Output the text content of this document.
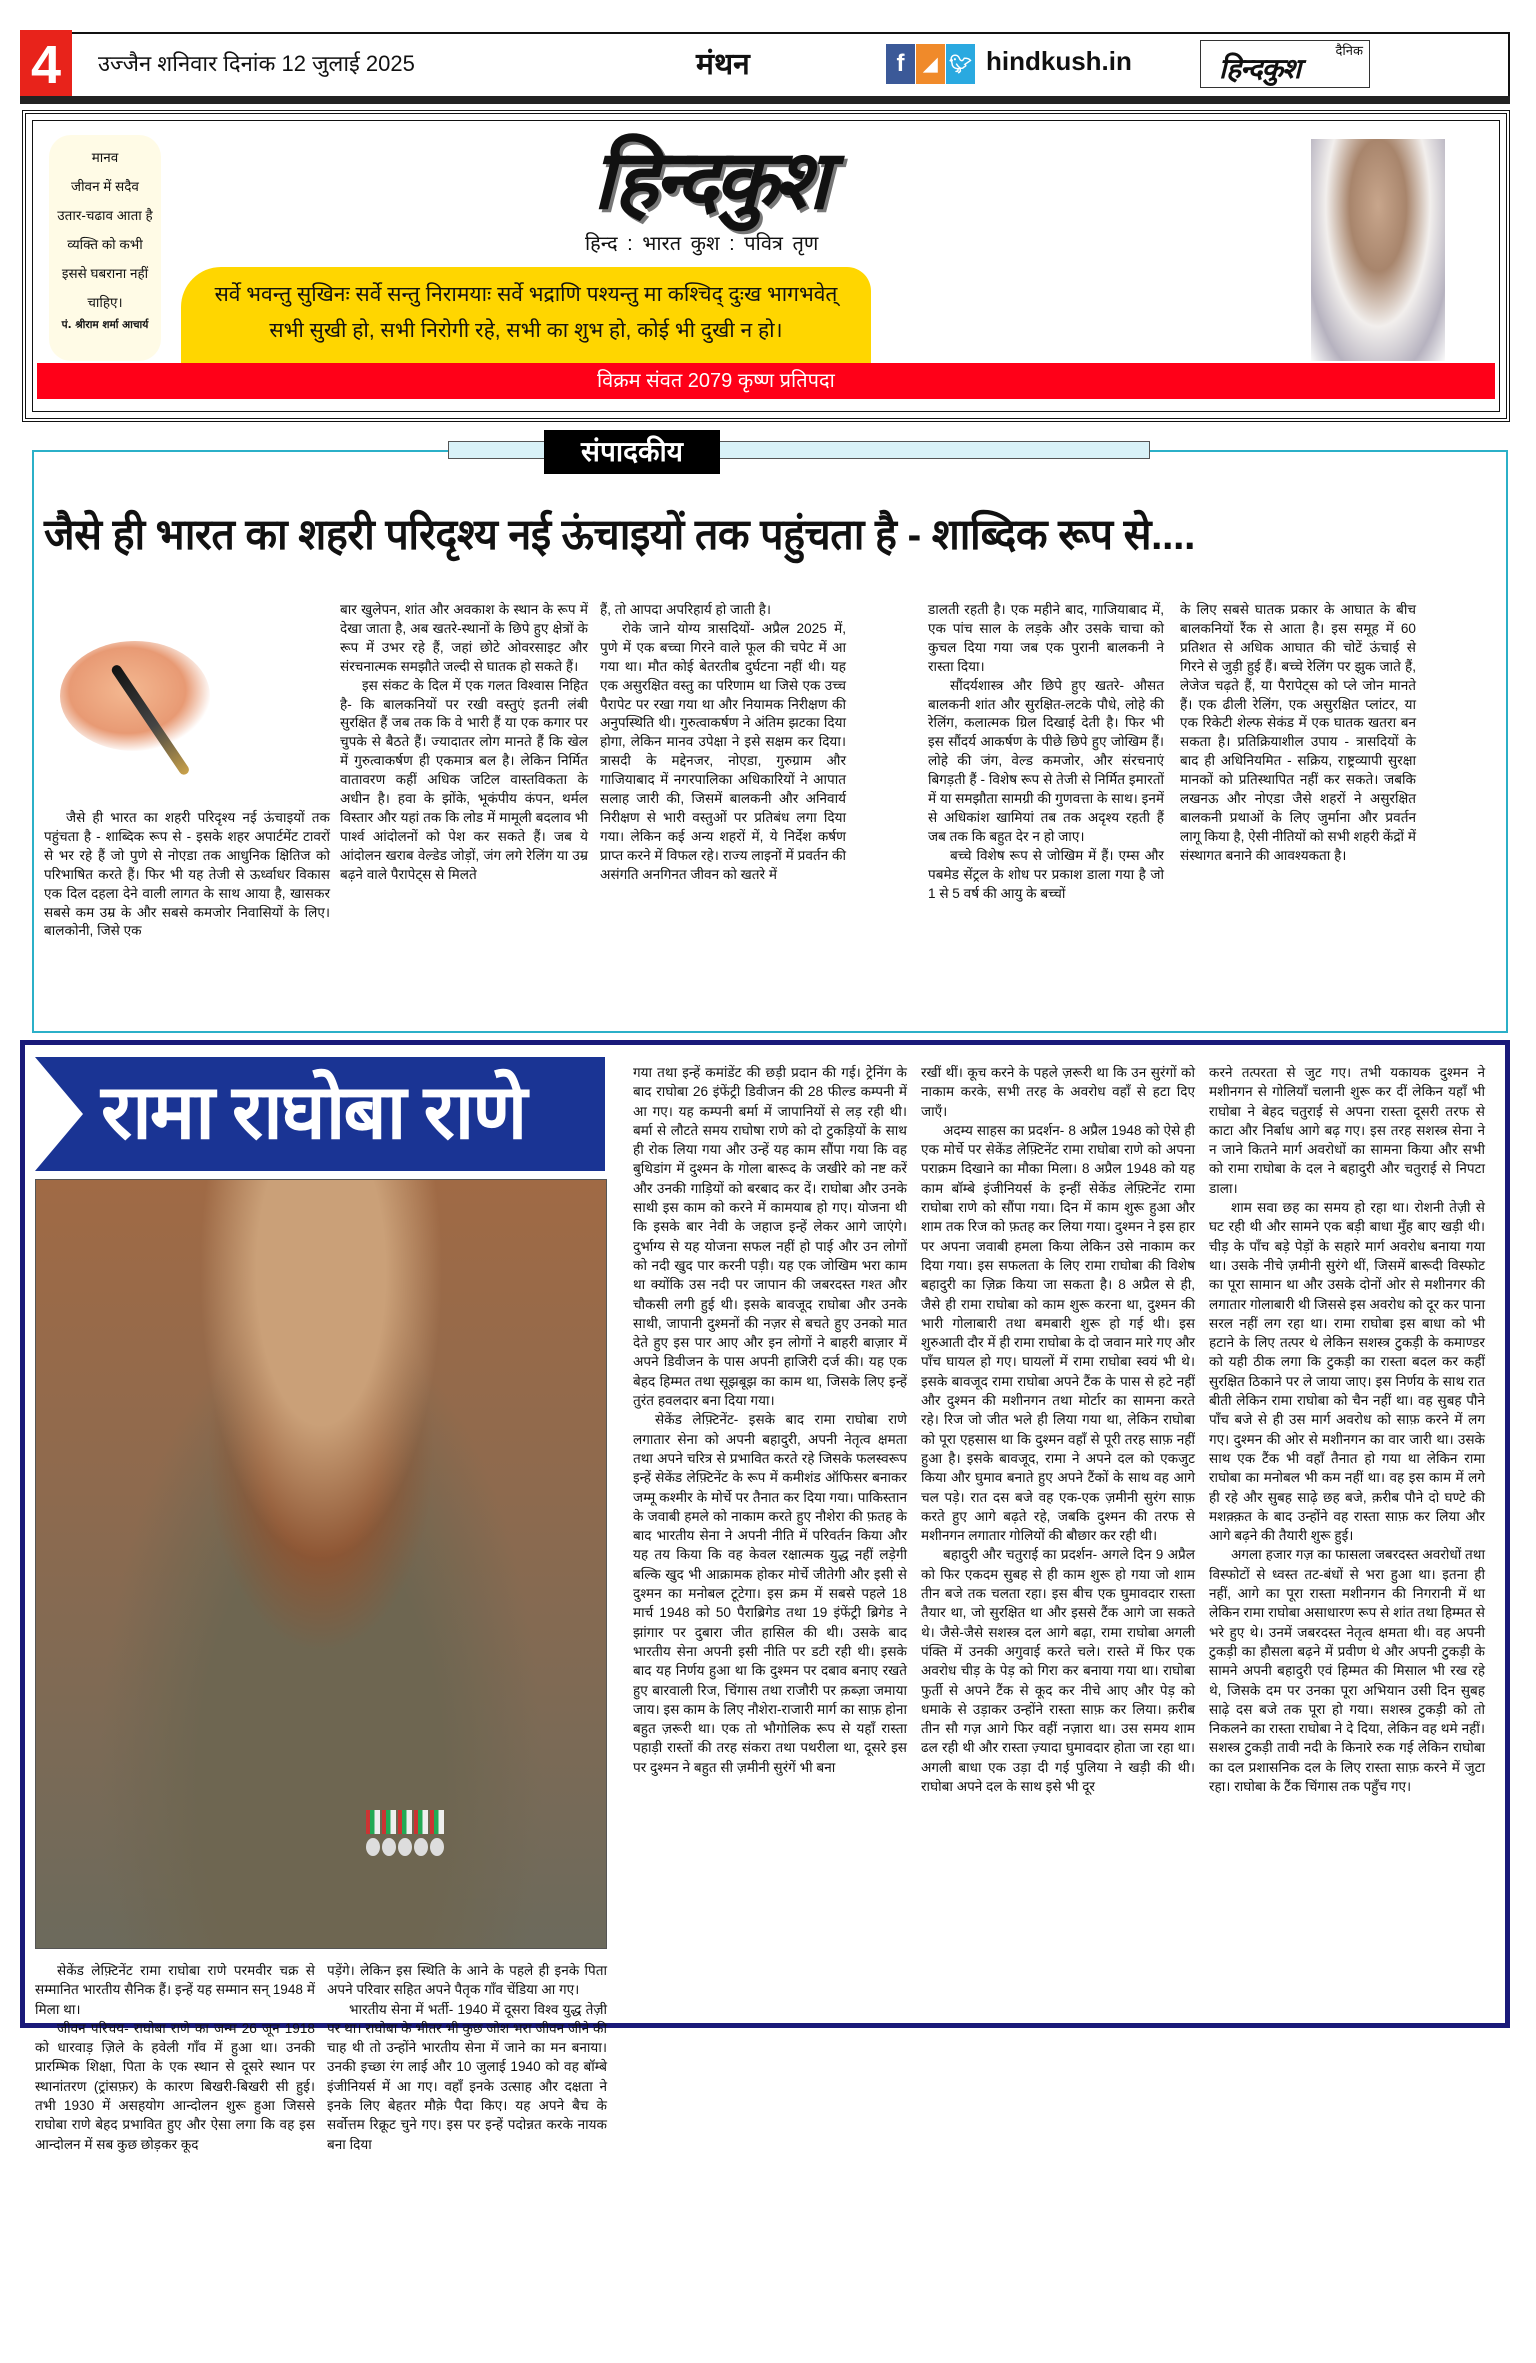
4	उज्जैन शनिवार दिनांक 12 जुलाई 2025	मंथन	f	◢ 🐦︎ hindkush.in	दैनिक
हिन्दकुश
मानव
जीवन में सदैव
उतार-चढाव आता है
व्यक्ति को कभी
इससे घबराना नहीं
चाहिए।
पं. श्रीराम शर्मा आचार्य
हिन्दकुश
हिन्द : भारत कुश : पवित्र तृण
सर्वे भवन्तु सुखिनः सर्वे सन्तु निरामयाः सर्वे भद्राणि पश्यन्तु मा कश्चिद् दुःख भागभवेत्
सभी सुखी हो, सभी निरोगी रहे, सभी का शुभ हो, कोई भी दुखी न हो।
विक्रम संवत 2079 कृष्ण प्रतिपदा
संपादकीय
जैसे ही भारत का शहरी परिदृश्य नई ऊंचाइयों तक पहुंचता है - शाब्दिक रूप से....

जैसे ही भारत का शहरी परिदृश्य नई ऊंचाइयों तक पहुंचता है - शाब्दिक रूप से - इसके शहर अपार्टमेंट टावरों से भर रहे हैं जो पुणे से नोएडा तक आधुनिक क्षितिज को परिभाषित करते हैं। फिर भी यह तेजी से ऊर्ध्वाधर विकास एक दिल दहला देने वाली लागत के साथ आया है, खासकर सबसे कम उम्र के और सबसे कमजोर निवासियों के लिए। बालकोनी, जिसे एक

बार खुलेपन, शांत और अवकाश के स्थान के रूप में देखा जाता है, अब खतरे-स्थानों के छिपे हुए क्षेत्रों के रूप में उभर रहे हैं, जहां छोटे ओवरसाइट और संरचनात्मक समझौते जल्दी से घातक हो सकते हैं।

इस संकट के दिल में एक गलत विश्वास निहित है- कि बालकनियों पर रखी वस्तुएं इतनी लंबी सुरक्षित हैं जब तक कि वे भारी हैं या एक कगार पर चुपके से बैठते हैं। ज्यादातर लोग मानते हैं कि खेल में गुरुत्वाकर्षण ही एकमात्र बल है। लेकिन निर्मित वातावरण कहीं अधिक जटिल वास्तविकता के अधीन है। हवा के झोंके, भूकंपीय कंपन, थर्मल विस्तार और यहां तक कि लोड में मामूली बदलाव भी पार्श्व आंदोलनों को पेश कर सकते हैं। जब ये आंदोलन खराब वेल्डेड जोड़ों, जंग लगे रेलिंग या उम्र बढ़ने वाले पैरापेट्स से मिलते

हैं, तो आपदा अपरिहार्य हो जाती है।

रोके जाने योग्य त्रासदियों- अप्रैल 2025 में, पुणे में एक बच्चा गिरने वाले फूल की चपेट में आ गया था। मौत कोई बेतरतीब दुर्घटना नहीं थी। यह एक असुरक्षित वस्तु का परिणाम था जिसे एक उच्च पैरापेट पर रखा गया था और नियामक निरीक्षण की अनुपस्थिति थी। गुरुत्वाकर्षण ने अंतिम झटका दिया होगा, लेकिन मानव उपेक्षा ने इसे सक्षम कर दिया। त्रासदी के मद्देनजर, नोएडा, गुरुग्राम और गाजियाबाद में नगरपालिका अधिकारियों ने आपात सलाह जारी की, जिसमें बालकनी और अनिवार्य निरीक्षण से भारी वस्तुओं पर प्रतिबंध लगा दिया गया। लेकिन कई अन्य शहरों में, ये निर्देश कर्षण प्राप्त करने में विफल रहे। राज्य लाइनों में प्रवर्तन की असंगति अनगिनत जीवन को खतरे में

डालती रहती है। एक महीने बाद, गाजियाबाद में, एक पांच साल के लड़के और उसके चाचा को कुचल दिया गया जब एक पुरानी बालकनी ने रास्ता दिया।

सौंदर्यशास्त्र और छिपे हुए खतरे- औसत बालकनी शांत और सुरक्षित-लटके पौधे, लोहे की रेलिंग, कलात्मक ग्रिल दिखाई देती है। फिर भी इस सौंदर्य आकर्षण के पीछे छिपे हुए जोखिम हैं। लोहे की जंग, वेल्ड कमजोर, और संरचनाएं बिगड़ती हैं - विशेष रूप से तेजी से निर्मित इमारतों में या समझौता सामग्री की गुणवत्ता के साथ। इनमें से अधिकांश खामियां तब तक अदृश्य रहती हैं जब तक कि बहुत देर न हो जाए।

बच्चे विशेष रूप से जोखिम में हैं। एम्स और पबमेड सेंट्रल के शोध पर प्रकाश डाला गया है जो 1 से 5 वर्ष की आयु के बच्चों

के लिए सबसे घातक प्रकार के आघात के बीच बालकनियों रैंक से आता है। इस समूह में 60 प्रतिशत से अधिक आघात की चोटें ऊंचाई से गिरने से जुड़ी हुई हैं। बच्चे रेलिंग पर झुक जाते हैं, लेजेज चढ़ते हैं, या पैरापेट्स को प्ले जोन मानते हैं। एक ढीली रेलिंग, एक असुरक्षित प्लांटर, या एक रिकेटी शेल्फ सेकंड में एक घातक खतरा बन सकता है। प्रतिक्रियाशील उपाय - त्रासदियों के बाद ही अधिनियमित - सक्रिय, राष्ट्रव्यापी सुरक्षा मानकों को प्रतिस्थापित नहीं कर सकते। जबकि लखनऊ और नोएडा जैसे शहरों ने असुरक्षित बालकनी प्रथाओं के लिए जुर्माना और प्रवर्तन लागू किया है, ऐसी नीतियों को सभी शहरी केंद्रों में संस्थागत बनाने की आवश्यकता है।

रामा राघोबा राणे

सेकेंड लेफ़्टिनेंट रामा राघोबा राणे परमवीर चक्र से सम्मानित भारतीय सैनिक हैं। इन्हें यह सम्मान सन् 1948 में मिला था।

जीवन परिचय- राघोबा राणे का जन्म 26 जून 1918 को धारवाड़ ज़िले के हवेली गाँव में हुआ था। उनकी प्रारम्भिक शिक्षा, पिता के एक स्थान से दूसरे स्थान पर स्थानांतरण (ट्रांसफ़र) के कारण बिखरी-बिखरी सी हुई। तभी 1930 में असहयोग आन्दोलन शुरू हुआ जिससे राघोबा राणे बेहद प्रभावित हुए और ऐसा लगा कि वह इस आन्दोलन में सब कुछ छोड़कर कूद

पड़ेंगे। लेकिन इस स्थिति के आने के पहले ही इनके पिता अपने परिवार सहित अपने पैतृक गाँव चेंडिया आ गए।

भारतीय सेना में भर्ती- 1940 में दूसरा विश्व युद्ध तेज़ी पर था। राघोबा के भीतर भी कुछ जोश भरा जीवन जीने की चाह थी तो उन्होंने भारतीय सेना में जाने का मन बनाया। उनकी इच्छा रंग लाई और 10 जुलाई 1940 को वह बॉम्बे इंजीनियर्स में आ गए। वहाँ इनके उत्साह और दक्षता ने इनके लिए बेहतर मौक़े पैदा किए। यह अपने बैच के सर्वोत्तम रिक्रूट चुने गए। इस पर इन्हें पदोन्नत करके नायक बना दिया

गया तथा इन्हें कमांडेंट की छड़ी प्रदान की गई। ट्रेनिंग के बाद राघोबा 26 इंफेंट्री डिवीजन की 28 फील्ड कम्पनी में आ गए। यह कम्पनी बर्मा में जापानियों से लड़ रही थी। बर्मा से लौटते समय राघोषा राणे को दो टुकड़ियों के साथ ही रोक लिया गया और उन्हें यह काम सौंपा गया कि वह बुथिडांग में दुश्मन के गोला बारूद के जखीरे को नष्ट करें और उनकी गाड़ियों को बरबाद कर दें। राघोबा और उनके साथी इस काम को करने में कामयाब हो गए। योजना थी कि इसके बार नेवी के जहाज इन्हें लेकर आगे जाएंगे। दुर्भाग्य से यह योजना सफल नहीं हो पाई और उन लोगों को नदी खुद पार करनी पड़ी। यह एक जोखिम भरा काम था क्योंकि उस नदी पर जापान की जबरदस्त गश्त और चौकसी लगी हुई थी। इसके बावजूद राघोबा और उनके साथी, जापानी दुश्मनों की नज़र से बचते हुए उनको मात देते हुए इस पार आए और इन लोगों ने बाहरी बाज़ार में अपने डिवीजन के पास अपनी हाजिरी दर्ज की। यह एक बेहद हिम्मत तथा सूझबूझ का काम था, जिसके लिए इन्हें तुरंत हवलदार बना दिया गया।

सेकेंड लेफ़्टिनेंट- इसके बाद रामा राघोबा राणे लगातार सेना को अपनी बहादुरी, अपनी नेतृत्व क्षमता तथा अपने चरित्र से प्रभावित करते रहे जिसके फलस्वरूप इन्हें सेकेंड लेफ़्टिनेंट के रूप में कमीशंड ऑफिसर बनाकर जम्मू कश्मीर के मोर्चे पर तैनात कर दिया गया। पाकिस्तान के जवाबी हमले को नाकाम करते हुए नौशेरा की फ़तह के बाद भारतीय सेना ने अपनी नीति में परिवर्तन किया और यह तय किया कि वह केवल रक्षात्मक युद्ध नहीं लड़ेगी बल्कि खुद भी आक्रामक होकर मोर्चे जीतेगी और इसी से दुश्मन का मनोबल टूटेगा। इस क्रम में सबसे पहले 18 मार्च 1948 को 50 पैराब्रिगेड तथा 19 इंफेंट्री ब्रिगेड ने झांगार पर दुबारा जीत हासिल की थी। उसके बाद भारतीय सेना अपनी इसी नीति पर डटी रही थी। इसके बाद यह निर्णय हुआ था कि दुश्मन पर दबाव बनाए रखते हुए बारवाली रिज, चिंगास तथा राजौरी पर क़ब्ज़ा जमाया जाय। इस काम के लिए नौशेरा-राजारी मार्ग का साफ़ होना बहुत ज़रूरी था। एक तो भौगोलिक रूप से यहाँ रास्ता पहाड़ी रास्तों की तरह संकरा तथा पथरीला था, दूसरे इस पर दुश्मन ने बहुत सी ज़मीनी सुरंगें भी बना

रखीं थीं। कूच करने के पहले ज़रूरी था कि उन सुरंगों को नाकाम करके, सभी तरह के अवरोध वहाँ से हटा दिए जाएँ।

अदम्य साहस का प्रदर्शन- 8 अप्रैल 1948 को ऐसे ही एक मोर्चे पर सेकेंड लेफ़्टिनेंट रामा राघोबा राणे को अपना पराक्रम दिखाने का मौका मिला। 8 अप्रैल 1948 को यह काम बॉम्बे इंजीनियर्स के इन्हीं सेकेंड लेफ़्टिनेंट रामा राघोबा राणे को सौंपा गया। दिन में काम शुरू हुआ और शाम तक रिज को फ़तह कर लिया गया। दुश्मन ने इस हार पर अपना जवाबी हमला किया लेकिन उसे नाकाम कर दिया गया। इस सफलता के लिए रामा राघोबा की विशेष बहादुरी का ज़िक्र किया जा सकता है। 8 अप्रैल से ही, जैसे ही रामा राघोबा को काम शुरू करना था, दुश्मन की भारी गोलाबारी तथा बमबारी शुरू हो गई थी। इस शुरुआती दौर में ही रामा राघोबा के दो जवान मारे गए और पाँच घायल हो गए। घायलों में रामा राघोबा स्वयं भी थे। इसके बावजूद रामा राघोबा अपने टैंक के पास से हटे नहीं और दुश्मन की मशीनगन तथा मोर्टार का सामना करते रहे। रिज जो जीत भले ही लिया गया था, लेकिन राघोबा को पूरा एहसास था कि दुश्मन वहाँ से पूरी तरह साफ़ नहीं हुआ है। इसके बावजूद, रामा ने अपने दल को एकजुट किया और घुमाव बनाते हुए अपने टैंकों के साथ वह आगे चल पड़े। रात दस बजे वह एक-एक ज़मीनी सुरंग साफ़ करते हुए आगे बढ़ते रहे, जबकि दुश्मन की तरफ से मशीनगन लगातार गोलियों की बौछार कर रही थी।

बहादुरी और चतुराई का प्रदर्शन- अगले दिन 9 अप्रैल को फिर एकदम सुबह से ही काम शुरू हो गया जो शाम तीन बजे तक चलता रहा। इस बीच एक घुमावदार रास्ता तैयार था, जो सुरक्षित था और इससे टैंक आगे जा सकते थे। जैसे-जैसे सशस्त्र दल आगे बढ़ा, रामा राघोबा अगली पंक्ति में उनकी अगुवाई करते चले। रास्ते में फिर एक अवरोध चीड़ के पेड़ को गिरा कर बनाया गया था। राघोबा फुर्ती से अपने टैंक से कूद कर नीचे आए और पेड़ को धमाके से उड़ाकर उन्होंने रास्ता साफ़ कर लिया। क़रीब तीन सौ गज़ आगे फिर वहीं नज़ारा था। उस समय शाम ढल रही थी और रास्ता ज़्यादा घुमावदार होता जा रहा था। अगली बाधा एक उड़ा दी गई पुलिया ने खड़ी की थी। राघोबा अपने दल के साथ इसे भी दूर

करने तत्परता से जुट गए। तभी यकायक दुश्मन ने मशीनगन से गोलियाँ चलानी शुरू कर दीं लेकिन यहाँ भी राघोबा ने बेहद चतुराई से अपना रास्ता दूसरी तरफ से काटा और निर्बाध आगे बढ़ गए। इस तरह सशस्त्र सेना ने न जाने कितने मार्ग अवरोधों का सामना किया और सभी को रामा राघोबा के दल ने बहादुरी और चतुराई से निपटा डाला।

शाम सवा छह का समय हो रहा था। रोशनी तेज़ी से घट रही थी और सामने एक बड़ी बाधा मुँह बाए खड़ी थी। चीड़ के पाँच बड़े पेड़ों के सहारे मार्ग अवरोध बनाया गया था। उसके नीचे ज़मीनी सुरंगे थीं, जिसमें बारूदी विस्फोट का पूरा सामान था और उसके दोनों ओर से मशीनगर की लगातार गोलाबारी थी जिससे इस अवरोध को दूर कर पाना सरल नहीं लग रहा था। रामा राघोबा इस बाधा को भी हटाने के लिए तत्पर थे लेकिन सशस्त्र टुकड़ी के कमाण्डर को यही ठीक लगा कि टुकड़ी का रास्ता बदल कर कहीं सुरक्षित ठिकाने पर ले जाया जाए। इस निर्णय के साथ रात बीती लेकिन रामा राघोबा को चैन नहीं था। वह सुबह पौने पाँच बजे से ही उस मार्ग अवरोध को साफ़ करने में लग गए। दुश्मन की ओर से मशीनगन का वार जारी था। उसके साथ एक टैंक भी वहाँ तैनात हो गया था लेकिन रामा राघोबा का मनोबल भी कम नहीं था। वह इस काम में लगे ही रहे और सुबह साढ़े छह बजे, क़रीब पौने दो घण्टे की मशक़्क़त के बाद उन्होंने वह रास्ता साफ़ कर लिया और आगे बढ़ने की तैयारी शुरू हुई।

अगला हजार गज़ का फासला जबरदस्त अवरोधों तथा विस्फोटों से ध्वस्त तट-बंधों से भरा हुआ था। इतना ही नहीं, आगे का पूरा रास्ता मशीनगन की निगरानी में था लेकिन रामा राघोबा असाधारण रूप से शांत तथा हिम्मत से भरे हुए थे। उनमें जबरदस्त नेतृत्व क्षमता थी। वह अपनी टुकड़ी का हौसला बढ़ने में प्रवीण थे और अपनी टुकड़ी के सामने अपनी बहादुरी एवं हिम्मत की मिसाल भी रख रहे थे, जिसके दम पर उनका पूरा अभियान उसी दिन सुबह साढ़े दस बजे तक पूरा हो गया। सशस्त्र टुकड़ी को तो निकलने का रास्ता राघोबा ने दे दिया, लेकिन वह थमे नहीं। सशस्त्र टुकड़ी तावी नदी के किनारे रुक गई लेकिन राघोबा का दल प्रशासनिक दल के लिए रास्ता साफ़ करने में जुटा रहा। राघोबा के टैंक चिंगास तक पहुँच गए।
